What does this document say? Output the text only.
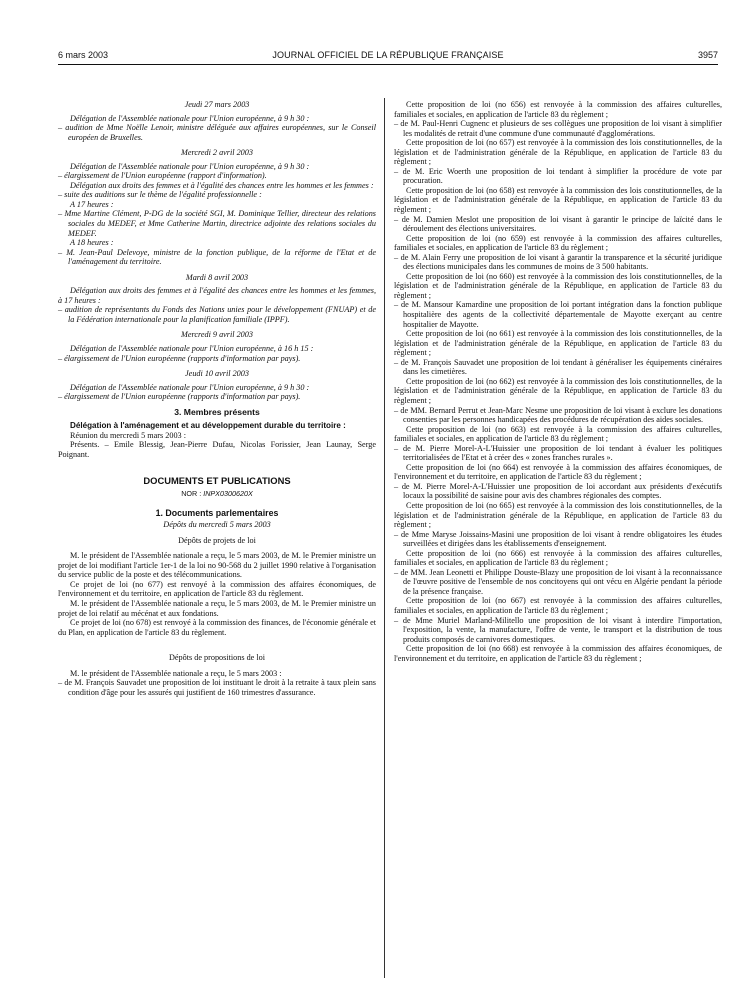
6 mars 2003	JOURNAL OFFICIEL DE LA RÉPUBLIQUE FRANÇAISE	3957

Jeudi 27 mars 2003

Délégation de l'Assemblée nationale pour l'Union européenne, à 9 h 30 :

– audition de Mme Noëlle Lenoir, ministre déléguée aux affaires européennes, sur le Conseil européen de Bruxelles.

Mercredi 2 avril 2003

Délégation de l'Assemblée nationale pour l'Union européenne, à 9 h 30 :

– élargissement de l'Union européenne (rapport d'information).

Délégation aux droits des femmes et à l'égalité des chances entre les hommes et les femmes :

– suite des auditions sur le thème de l'égalité professionnelle :

A 17 heures :

– Mme Martine Clément, P-DG de la société SGI, M. Dominique Tellier, directeur des relations sociales du MEDEF, et Mme Catherine Martin, directrice adjointe des relations sociales du MEDEF.

A 18 heures :

– M. Jean-Paul Delevoye, ministre de la fonction publique, de la réforme de l'Etat et de l'aménagement du territoire.

Mardi 8 avril 2003

Délégation aux droits des femmes et à l'égalité des chances entre les hommes et les femmes, à 17 heures :

– audition de représentants du Fonds des Nations unies pour le développement (FNUAP) et de la Fédération internationale pour la planification familiale (IPPF).

Mercredi 9 avril 2003

Délégation de l'Assemblée nationale pour l'Union européenne, à 16 h 15 :

– élargissement de l'Union européenne (rapports d'information par pays).

Jeudi 10 avril 2003

Délégation de l'Assemblée nationale pour l'Union européenne, à 9 h 30 :

– élargissement de l'Union européenne (rapports d'information par pays).

3. Membres présents

Délégation à l'aménagement et au développement durable du territoire :

Réunion du mercredi 5 mars 2003 :

Présents. – Emile Blessig, Jean-Pierre Dufau, Nicolas Forissier, Jean Launay, Serge Poignant.

DOCUMENTS ET PUBLICATIONS

NOR : INPX0300620X

1. Documents parlementaires

Dépôts du mercredi 5 mars 2003

Dépôts de projets de loi

M. le président de l'Assemblée nationale a reçu, le 5 mars 2003, de M. le Premier ministre un projet de loi modifiant l'article 1er-1 de la loi no 90-568 du 2 juillet 1990 relative à l'organisation du service public de la poste et des télécommunications.

Ce projet de loi (no 677) est renvoyé à la commission des affaires économiques, de l'environnement et du territoire, en application de l'article 83 du règlement.

M. le président de l'Assemblée nationale a reçu, le 5 mars 2003, de M. le Premier ministre un projet de loi relatif au mécénat et aux fondations.

Ce projet de loi (no 678) est renvoyé à la commission des finances, de l'économie générale et du Plan, en application de l'article 83 du règlement.

Dépôts de propositions de loi

M. le président de l'Assemblée nationale a reçu, le 5 mars 2003 :

– de M. François Sauvadet une proposition de loi instituant le droit à la retraite à taux plein sans condition d'âge pour les assurés qui justifient de 160 trimestres d'assurance.

Cette proposition de loi (no 656) est renvoyée à la commission des affaires culturelles, familiales et sociales, en application de l'article 83 du règlement ;

– de M. Paul-Henri Cugnenc et plusieurs de ses collègues une proposition de loi visant à simplifier les modalités de retrait d'une commune d'une communauté d'agglomérations.

Cette proposition de loi (no 657) est renvoyée à la commission des lois constitutionnelles, de la législation et de l'administration générale de la République, en application de l'article 83 du règlement ;

– de M. Eric Woerth une proposition de loi tendant à simplifier la procédure de vote par procuration.

Cette proposition de loi (no 658) est renvoyée à la commission des lois constitutionnelles, de la législation et de l'administration générale de la République, en application de l'article 83 du règlement ;

– de M. Damien Meslot une proposition de loi visant à garantir le principe de laïcité dans le déroulement des élections universitaires.

Cette proposition de loi (no 659) est renvoyée à la commission des affaires culturelles, familiales et sociales, en application de l'article 83 du règlement ;

– de M. Alain Ferry une proposition de loi visant à garantir la transparence et la sécurité juridique des élections municipales dans les communes de moins de 3 500 habitants.

Cette proposition de loi (no 660) est renvoyée à la commission des lois constitutionnelles, de la législation et de l'administration générale de la République, en application de l'article 83 du règlement ;

– de M. Mansour Kamardine une proposition de loi portant intégration dans la fonction publique hospitalière des agents de la collectivité départementale de Mayotte exerçant au centre hospitalier de Mayotte.

Cette proposition de loi (no 661) est renvoyée à la commission des lois constitutionnelles, de la législation et de l'administration générale de la République, en application de l'article 83 du règlement ;

– de M. François Sauvadet une proposition de loi tendant à généraliser les équipements cinéraires dans les cimetières.

Cette proposition de loi (no 662) est renvoyée à la commission des lois constitutionnelles, de la législation et de l'administration générale de la République, en application de l'article 83 du règlement ;

– de MM. Bernard Perrut et Jean-Marc Nesme une proposition de loi visant à exclure les donations consenties par les personnes handicapées des procédures de récupération des aides sociales.

Cette proposition de loi (no 663) est renvoyée à la commission des affaires culturelles, familiales et sociales, en application de l'article 83 du règlement ;

– de M. Pierre Morel-A-L'Huissier une proposition de loi tendant à évaluer les politiques territorialisées de l'Etat et à créer des « zones franches rurales ».

Cette proposition de loi (no 664) est renvoyée à la commission des affaires économiques, de l'environnement et du territoire, en application de l'article 83 du règlement ;

– de M. Pierre Morel-A-L'Huissier une proposition de loi accordant aux présidents d'exécutifs locaux la possibilité de saisine pour avis des chambres régionales des comptes.

Cette proposition de loi (no 665) est renvoyée à la commission des lois constitutionnelles, de la législation et de l'administration générale de la République, en application de l'article 83 du règlement ;

– de Mme Maryse Joissains-Masini une proposition de loi visant à rendre obligatoires les études surveillées et dirigées dans les établissements d'enseignement.

Cette proposition de loi (no 666) est renvoyée à la commission des affaires culturelles, familiales et sociales, en application de l'article 83 du règlement ;

– de MM. Jean Leonetti et Philippe Douste-Blazy une proposition de loi visant à la reconnaissance de l'œuvre positive de l'ensemble de nos concitoyens qui ont vécu en Algérie pendant la période de la présence française.

Cette proposition de loi (no 667) est renvoyée à la commission des affaires culturelles, familiales et sociales, en application de l'article 83 du règlement ;

– de Mme Muriel Marland-Militello une proposition de loi visant à interdire l'importation, l'exposition, la vente, la manufacture, l'offre de vente, le transport et la distribution de tous produits composés de carnivores domestiques.

Cette proposition de loi (no 668) est renvoyée à la commission des affaires économiques, de l'environnement et du territoire, en application de l'article 83 du règlement ;
